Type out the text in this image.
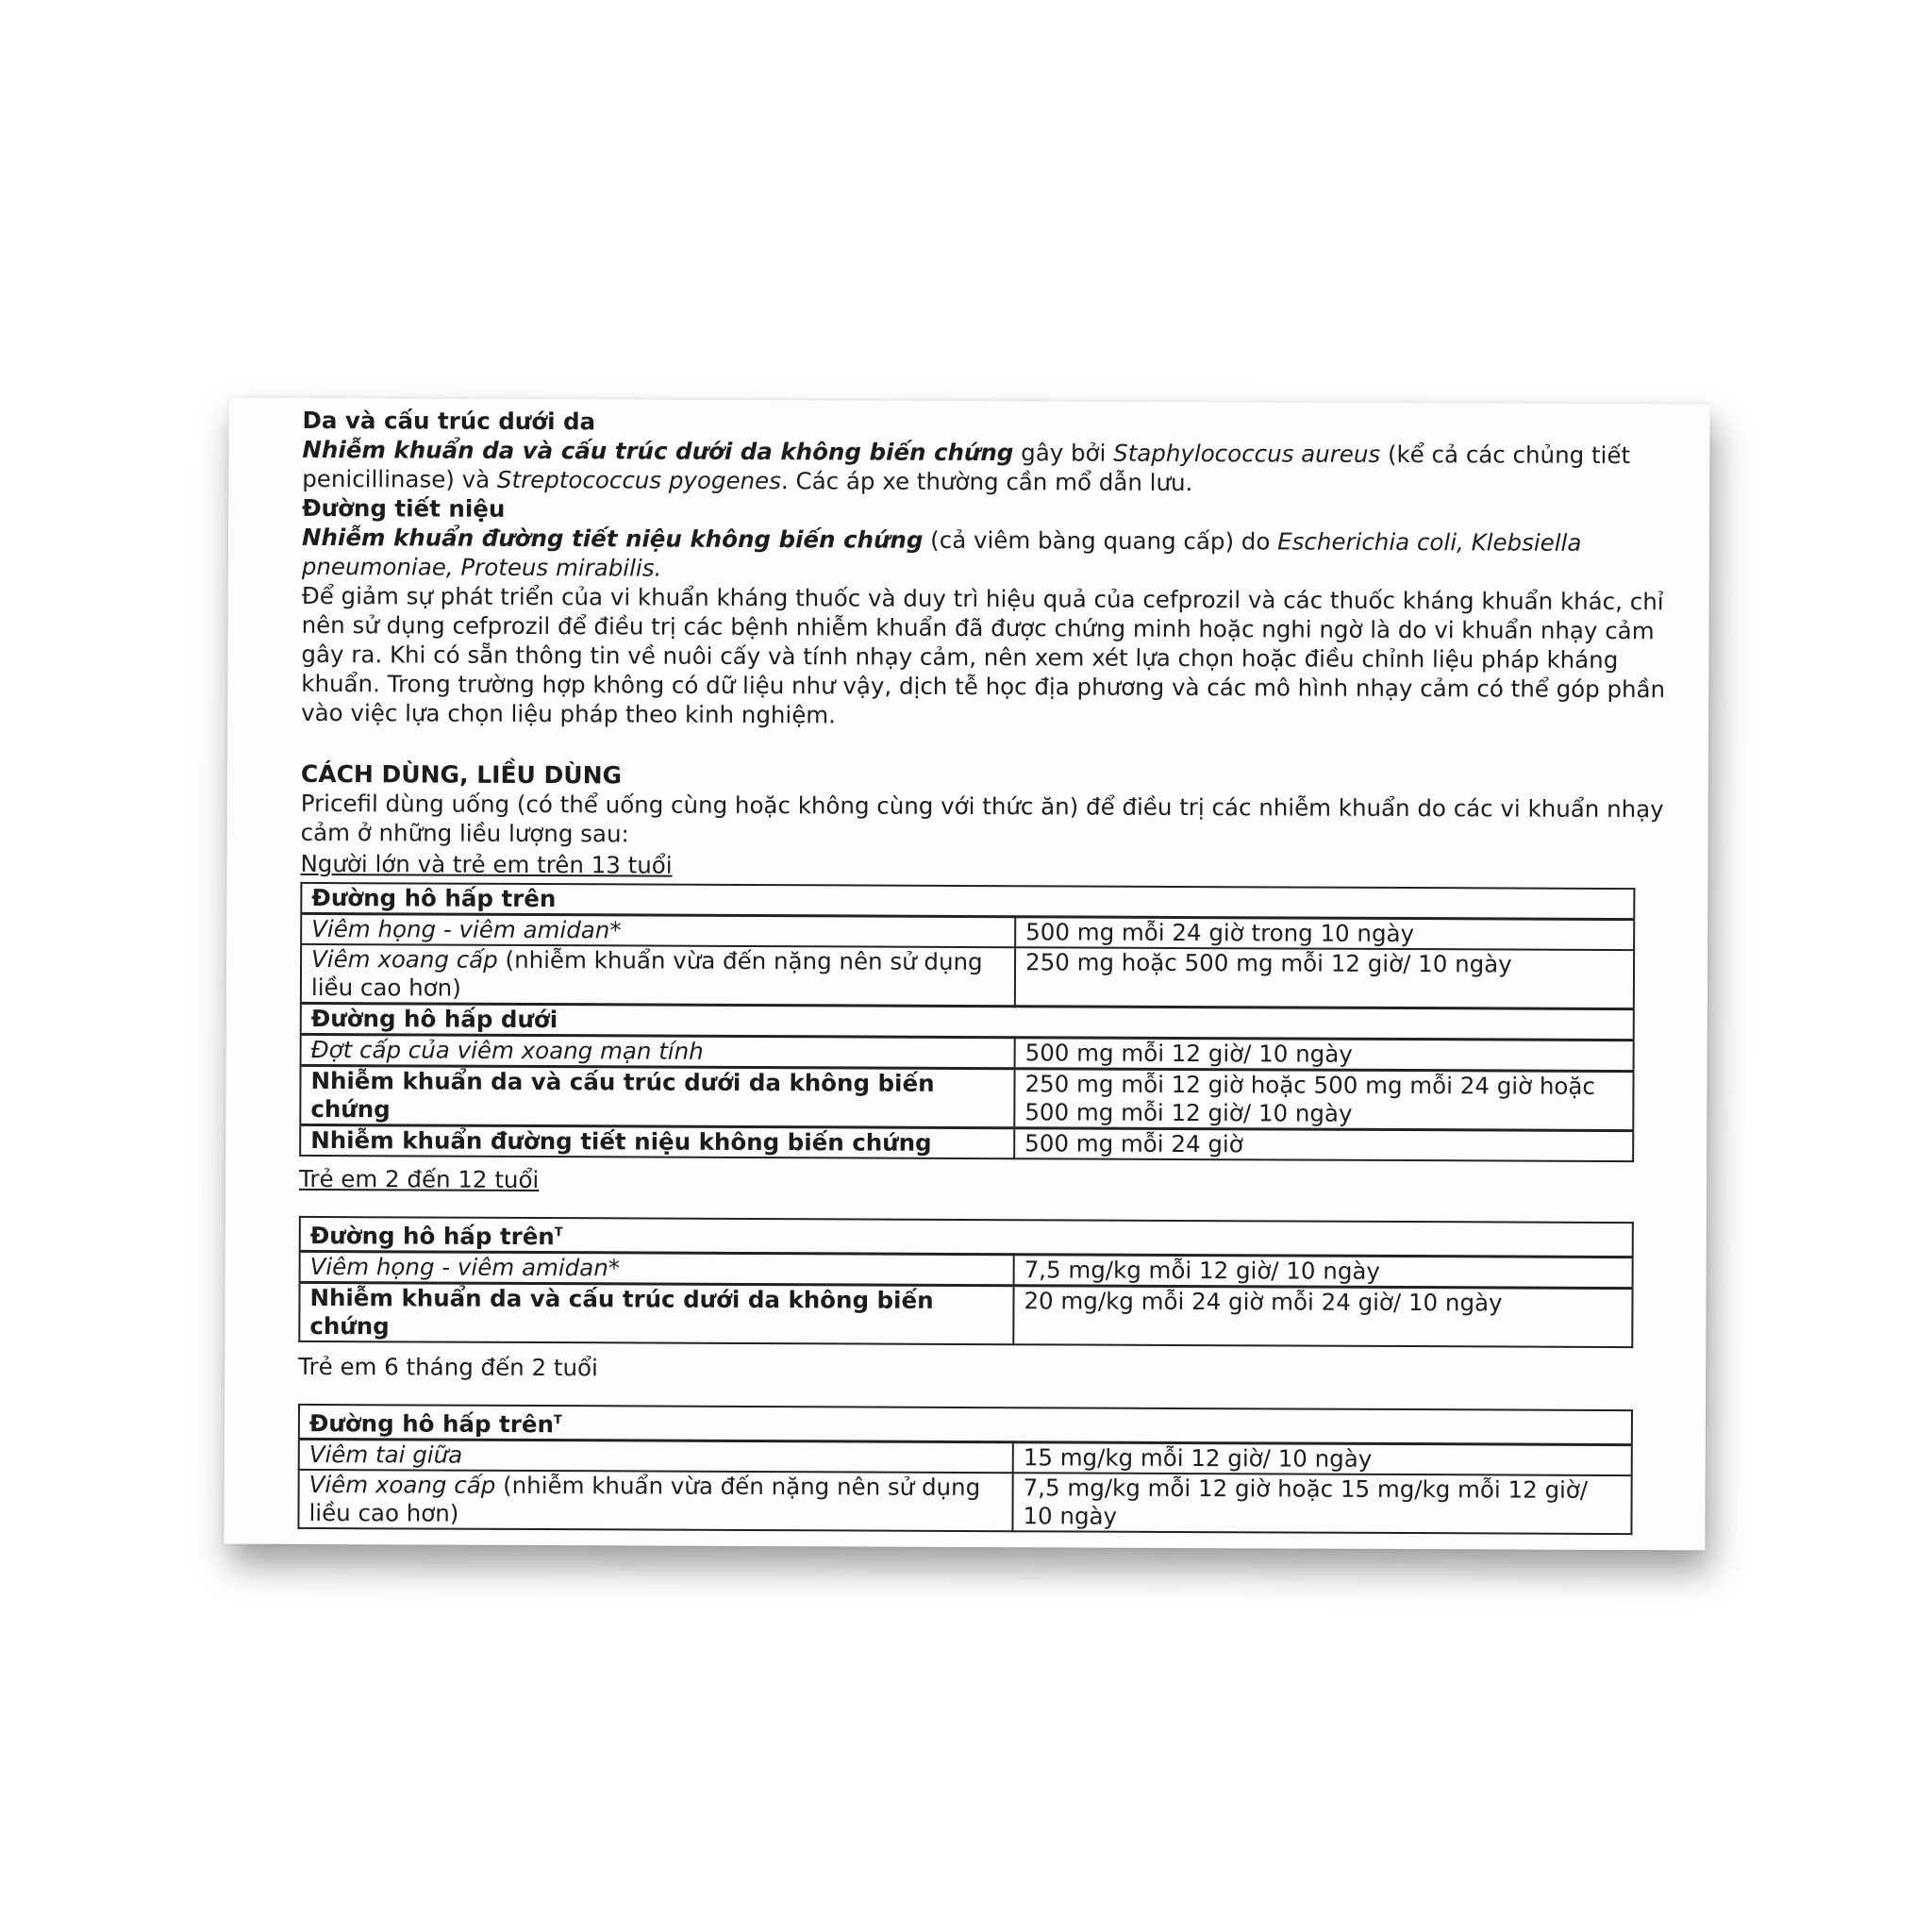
Da và cấu trúc dưới da

Nhiễm khuẩn da và cấu trúc dưới da không biến chứng gây bởi Staphylococcus aureus (kể cả các chủng tiết penicillinase) và Streptococcus pyogenes. Các áp xe thường cần mổ dẫn lưu.

Đường tiết niệu

Nhiễm khuẩn đường tiết niệu không biến chứng (cả viêm bàng quang cấp) do Escherichia coli, Klebsiella pneumoniae, Proteus mirabilis.

Để giảm sự phát triển của vi khuẩn kháng thuốc và duy trì hiệu quả của cefprozil và các thuốc kháng khuẩn khác, chỉ nên sử dụng cefprozil để điều trị các bệnh nhiễm khuẩn đã được chứng minh hoặc nghi ngờ là do vi khuẩn nhạy cảm gây ra. Khi có sẵn thông tin về nuôi cấy và tính nhạy cảm, nên xem xét lựa chọn hoặc điều chỉnh liệu pháp kháng khuẩn. Trong trường hợp không có dữ liệu như vậy, dịch tễ học địa phương và các mô hình nhạy cảm có thể góp phần vào việc lựa chọn liệu pháp theo kinh nghiệm.

CÁCH DÙNG, LIỀU DÙNG

Pricefil dùng uống (có thể uống cùng hoặc không cùng với thức ăn) để điều trị các nhiễm khuẩn do các vi khuẩn nhạy cảm ở những liều lượng sau:

Người lớn và trẻ em trên 13 tuổi

Đường hô hấp trên	
Viêm họng - viêm amidan*	500 mg mỗi 24 giờ trong 10 ngày
Viêm xoang cấp (nhiễm khuẩn vừa đến nặng nên sử dụng liều cao hơn)	250 mg hoặc 500 mg mỗi 12 giờ/ 10 ngày
Đường hô hấp dưới	
Đợt cấp của viêm xoang mạn tính	500 mg mỗi 12 giờ/ 10 ngày
Nhiễm khuẩn da và cấu trúc dưới da không biến chứng	250 mg mỗi 12 giờ hoặc 500 mg mỗi 24 giờ hoặc 500 mg mỗi 12 giờ/ 10 ngày
Nhiễm khuẩn đường tiết niệu không biến chứng	500 mg mỗi 24 giờ

Trẻ em 2 đến 12 tuổi

Đường hô hấp trên$^T$
Viêm họng - viêm amidan*	7,5 mg/kg mỗi 12 giờ/ 10 ngày
Nhiễm khuẩn da và cấu trúc dưới da không biến chứng	20 mg/kg mỗi 24 giờ mỗi 24 giờ/ 10 ngày

Trẻ em 6 tháng đến 2 tuổi

Đường hô hấp trên$^T$
Viêm tai giữa	15 mg/kg mỗi 12 giờ/ 10 ngày
Viêm xoang cấp (nhiễm khuẩn vừa đến nặng nên sử dụng liều cao hơn)	7,5 mg/kg mỗi 12 giờ hoặc 15 mg/kg mỗi 12 giờ/ 10 ngày
